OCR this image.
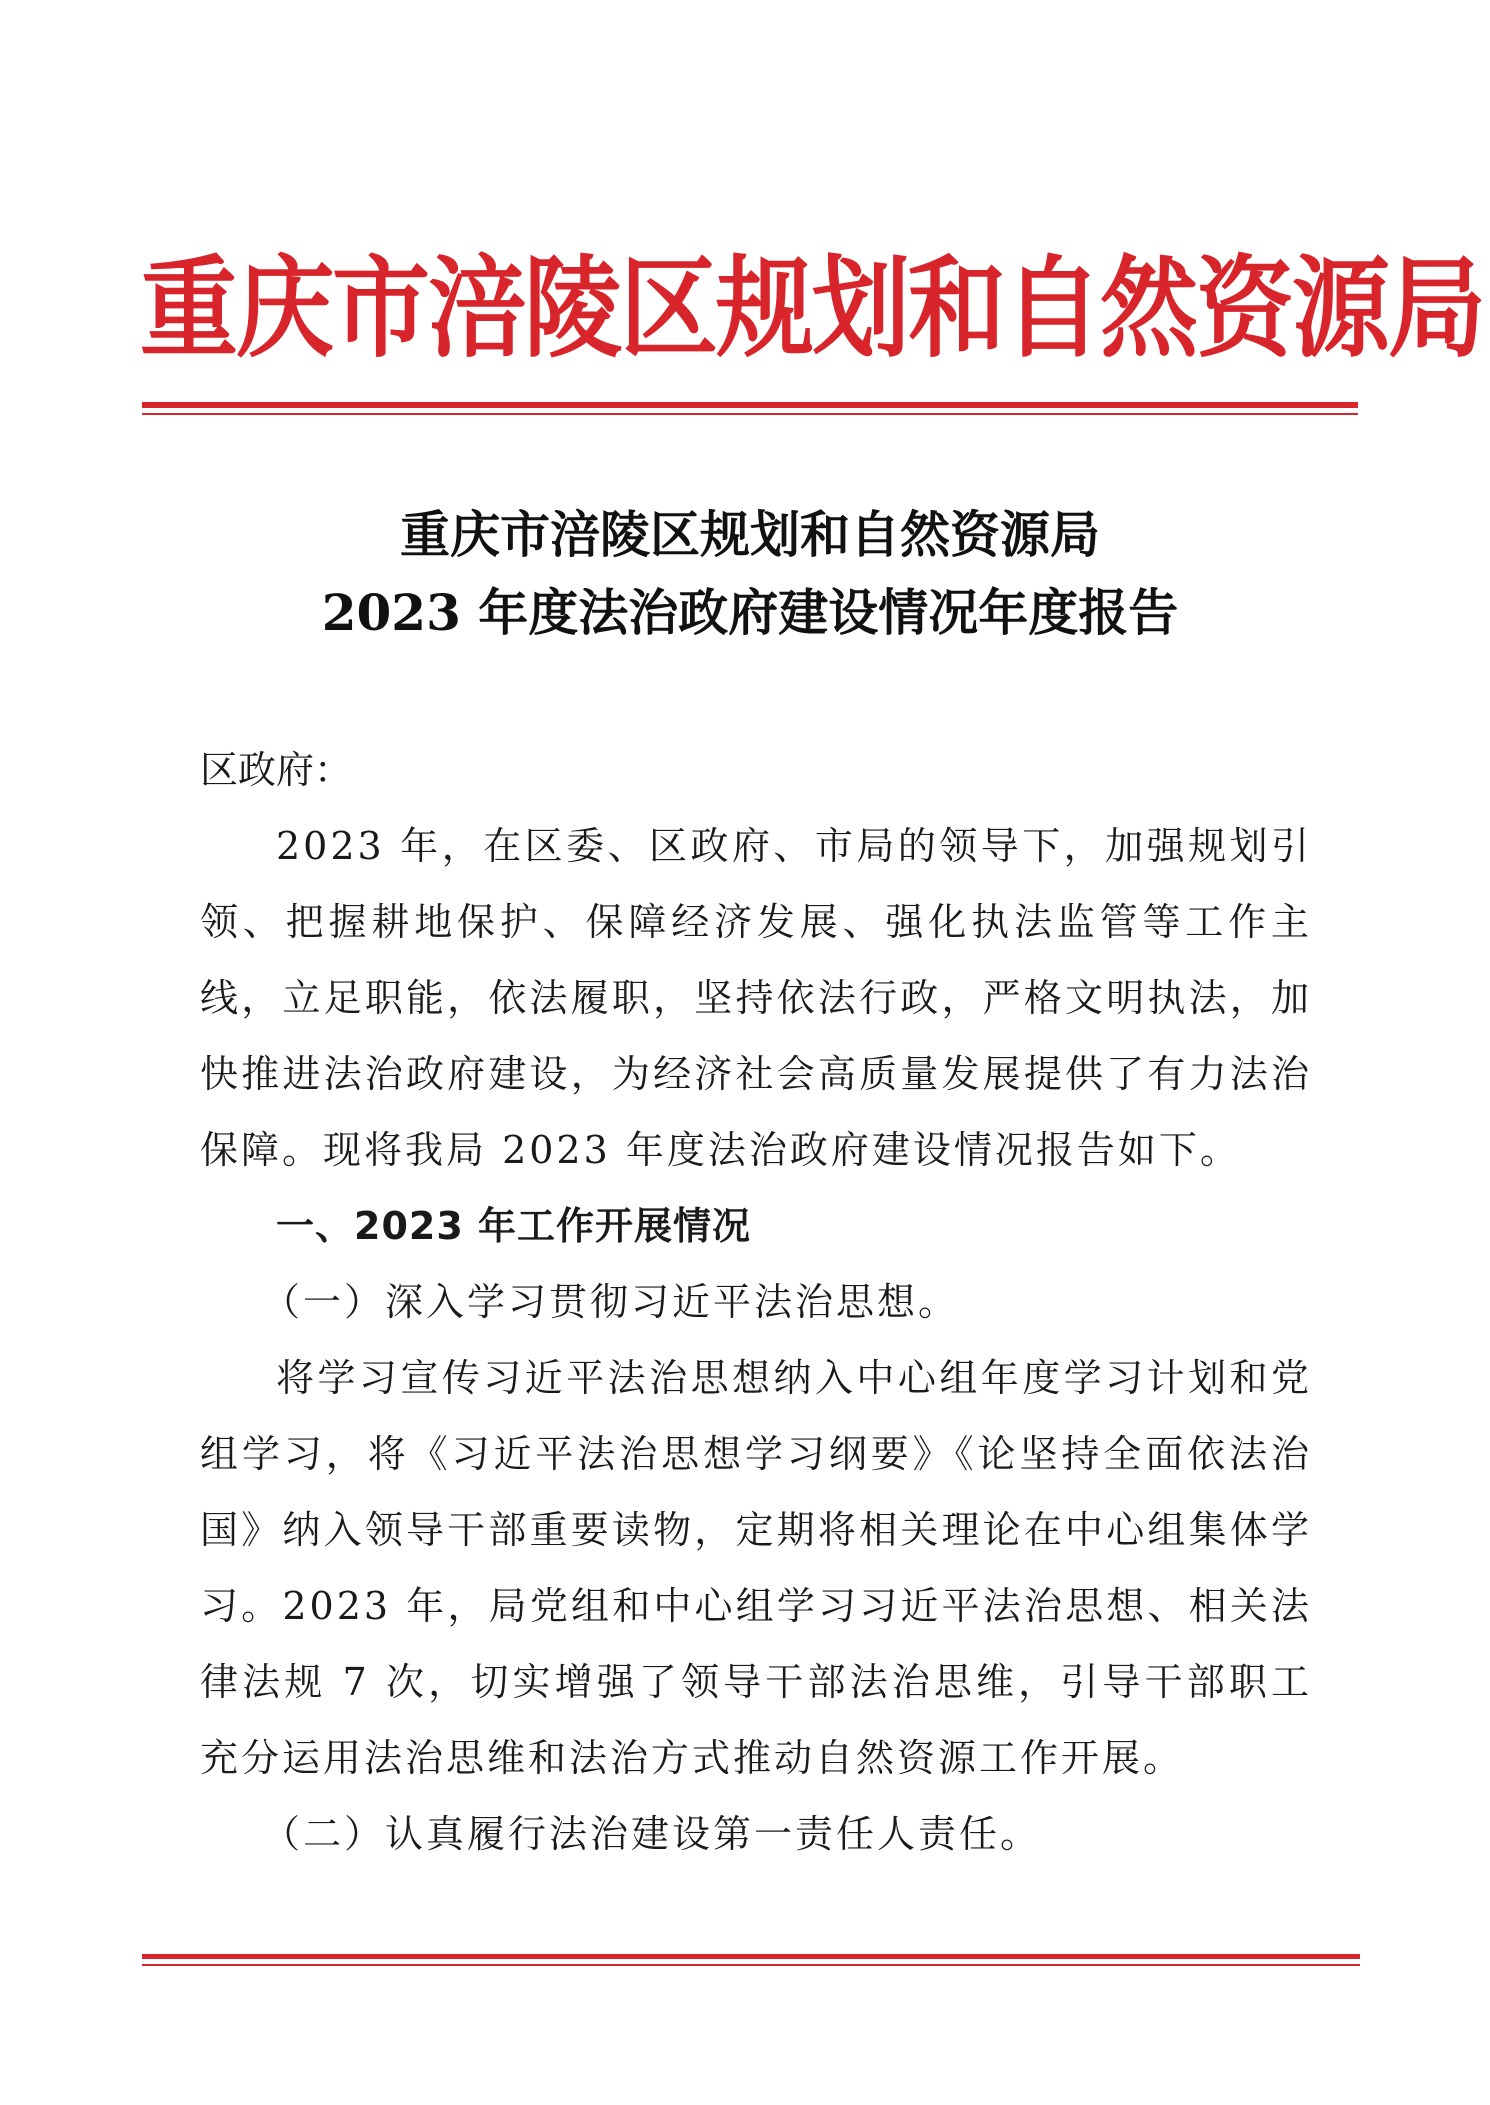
重庆市涪陵区规划和自然资源局
重庆市涪陵区规划和自然资源局
2023 年度法治政府建设情况年度报告
区政府：

2023 年，在区委、区政府、市局的领导下，加强规划引领、把握耕地保护、保障经济发展、强化执法监管等工作主线，立足职能，依法履职，坚持依法行政，严格文明执法，加快推进法治政府建设，为经济社会高质量发展提供了有力法治保障。现将我局 2023 年度法治政府建设情况报告如下。

一、2023 年工作开展情况
（一）深入学习贯彻习近平法治思想。

将学习宣传习近平法治思想纳入中心组年度学习计划和党组学习，将《习近平法治思想学习纲要》《论坚持全面依法治国》纳入领导干部重要读物，定期将相关理论在中心组集体学习。2023 年，局党组和中心组学习习近平法治思想、相关法律法规 7 次，切实增强了领导干部法治思维，引导干部职工充分运用法治思维和法治方式推动自然资源工作开展。

（二）认真履行法治建设第一责任人责任。
